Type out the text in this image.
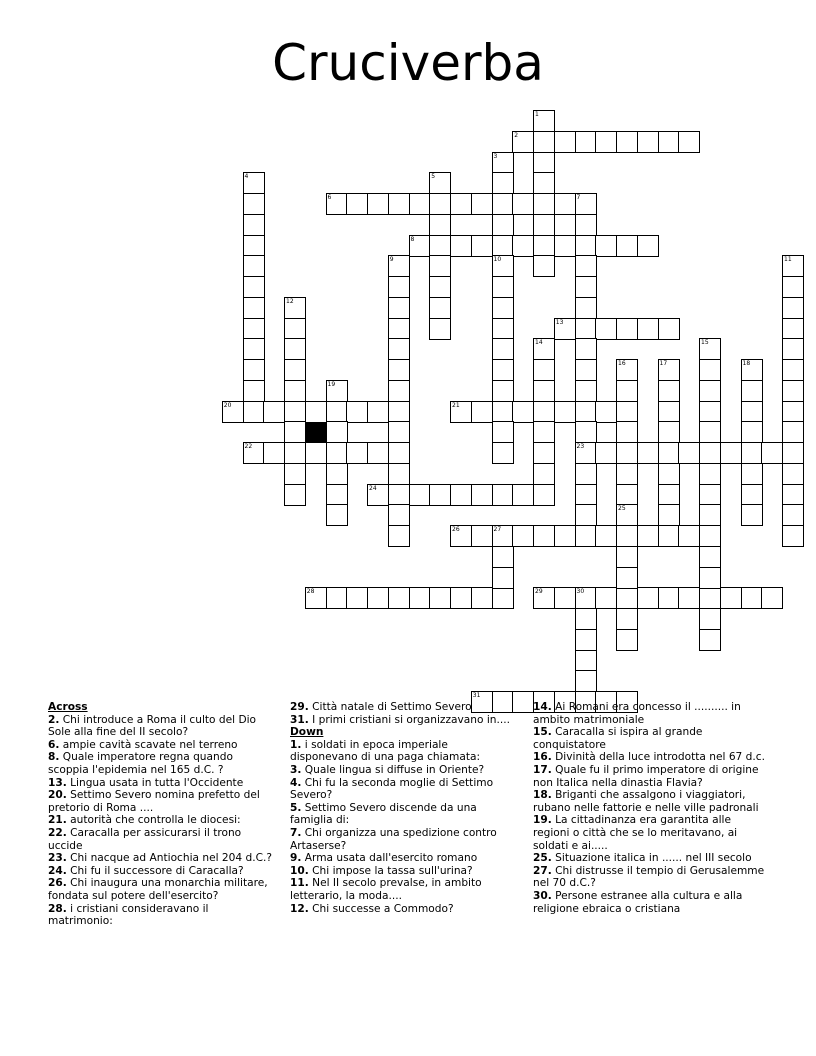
Cruciverba
2
6
8
13
20	21
22	23
24
26	27
28	29	30
31
1
3
10
4	5
7
9	11
12
14	15
16	17	18
19
25
Across
2. Chi introduce a Roma il culto del Dio Sole alla fine del II secolo?
6. ampie cavità scavate nel terreno
8. Quale imperatore regna quando scoppia l'epidemia nel 165 d.C. ?
13. Lingua usata in tutta l'Occidente
20. Settimo Severo nomina prefetto del pretorio di Roma ....
21. autorità che controlla le diocesi:
22. Caracalla per assicurarsi il trono uccide
23. Chi nacque ad Antiochia nel 204 d.C.?
24. Chi fu il successore di Caracalla?
26. Chi inaugura una monarchia militare, fondata sul potere dell'esercito?
28. i cristiani consideravano il matrimonio:
29. Città natale di Settimo Severo
31. I primi cristiani si organizzavano in....
Down
1. i soldati in epoca imperiale disponevano di una paga chiamata:
3. Quale lingua si diffuse in Oriente?
4. Chi fu la seconda moglie di Settimo Severo?
5. Settimo Severo discende da una famiglia di:
7. Chi organizza una spedizione contro Artaserse?
9. Arma usata dall'esercito romano
10. Chi impose la tassa sull'urina?
11. Nel II secolo prevalse, in ambito letterario, la moda....
12. Chi successe a Commodo?
14. Ai Romani era concesso il .......... in ambito matrimoniale
15. Caracalla si ispira al grande conquistatore
16. Divinità della luce introdotta nel 67 d.c.
17. Quale fu il primo imperatore di origine non Italica nella dinastia Flavia?
18. Briganti che assalgono i viaggiatori, rubano nelle fattorie e nelle ville padronali
19. La cittadinanza era garantita alle regioni o città che se lo meritavano, ai soldati e ai.....
25. Situazione italica in ...... nel III secolo
27. Chi distrusse il tempio di Gerusalemme nel 70 d.C.?
30. Persone estranee alla cultura e alla religione ebraica o cristiana
